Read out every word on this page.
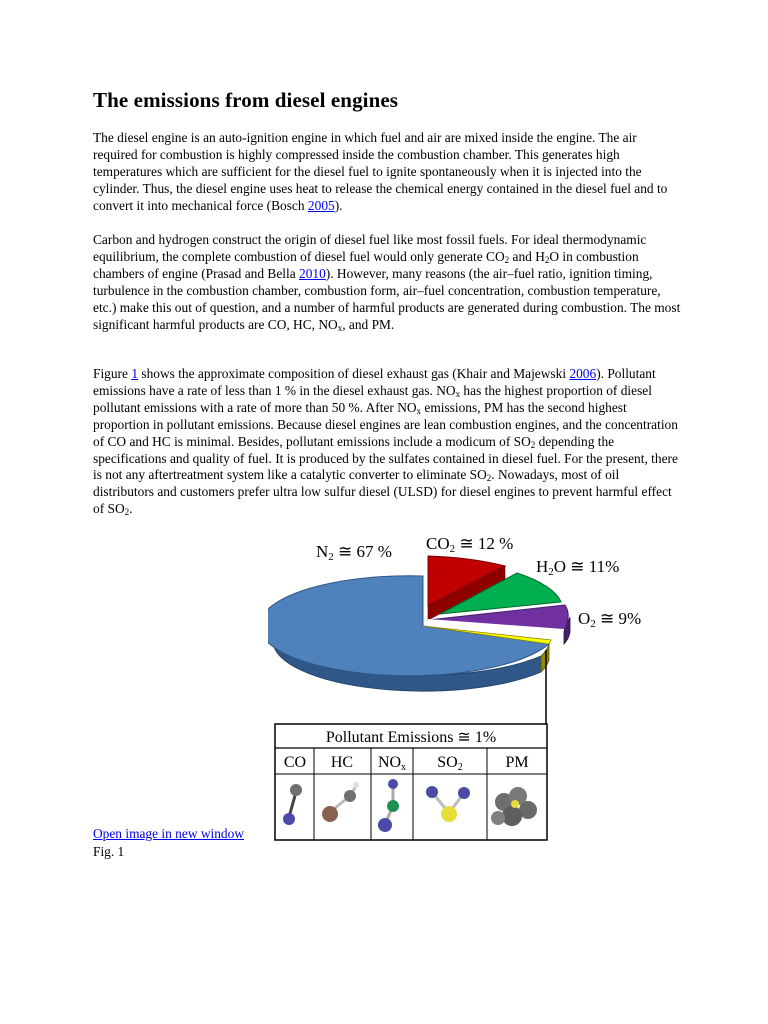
The emissions from diesel engines

The diesel engine is an auto-ignition engine in which fuel and air are mixed inside the engine. The air required for combustion is highly compressed inside the combustion chamber. This generates high temperatures which are sufficient for the diesel fuel to ignite spontaneously when it is injected into the cylinder. Thus, the diesel engine uses heat to release the chemical energy contained in the diesel fuel and to convert it into mechanical force (Bosch 2005).

Carbon and hydrogen construct the origin of diesel fuel like most fossil fuels. For ideal thermodynamic equilibrium, the complete combustion of diesel fuel would only generate $CO_2$ and $H_2O$ in combustion chambers of engine (Prasad and Bella 2010). However, many reasons (the air–fuel ratio, ignition timing, turbulence in the combustion chamber, combustion form, air–fuel concentration, combustion temperature, etc.) make this out of question, and a number of harmful products are generated during combustion. The most significant harmful products are CO, HC, $NO_x$, and PM.

Figure 1 shows the approximate composition of diesel exhaust gas (Khair and Majewski 2006). Pollutant emissions have a rate of less than 1 % in the diesel exhaust gas. $NO_x$ has the highest proportion of diesel pollutant emissions with a rate of more than 50 %. After $NO_x$ emissions, PM has the second highest proportion in pollutant emissions. Because diesel engines are lean combustion engines, and the concentration of CO and HC is minimal. Besides, pollutant emissions include a modicum of $SO_2$ depending the specifications and quality of fuel. It is produced by the sulfates contained in diesel fuel. For the present, there is not any aftertreatment system like a catalytic converter to eliminate $SO_2$. Nowadays, most of oil distributors and customers prefer ultra low sulfur diesel (ULSD) for diesel engines to prevent harmful effect of $SO_2$.

N2 ≅ 67 % CO2 ≅ 12 %
H2O ≅ 11%
O2 ≅ 9%
Pollutant Emissions ≅ 1%
CO HC NOx SO2	PM
Open image in new window
Fig. 1
